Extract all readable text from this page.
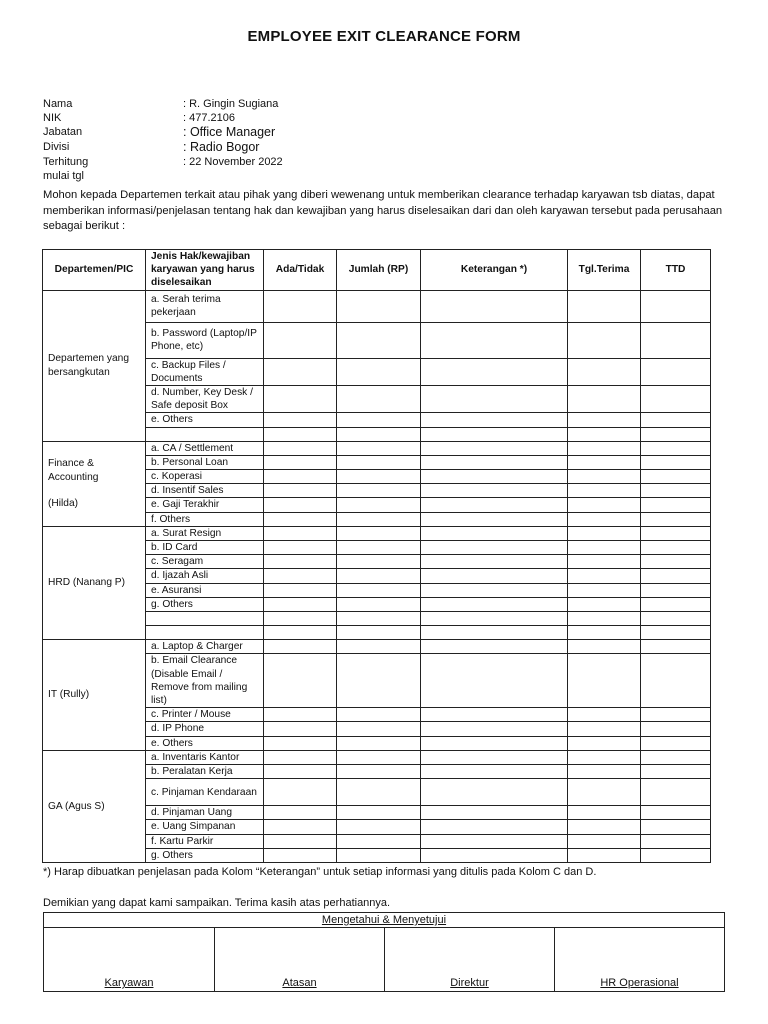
EMPLOYEE EXIT CLEARANCE FORM
Nama	: R. Gingin Sugiana
NIK	: 477.2106
Jabatan	: Office Manager
Divisi	: Radio Bogor
Terhitung mulai tgl
: 22 November 2022
Mohon kepada Departemen terkait atau pihak yang diberi wewenang untuk memberikan clearance terhadap karyawan tsb diatas, dapat memberikan informasi/penjelasan tentang hak dan kewajiban yang harus diselesaikan dari dan oleh karyawan tersebut pada perusahaan sebagai berikut :
Departemen/PIC	Jenis Hak/kewajiban karyawan yang harus diselesaikan	Ada/Tidak	Jumlah (RP)	Keterangan *)	Tgl.Terima	TTD

Departemen yang
bersangkutan	a. Serah terima pekerjaan					
	b. Password (Laptop/IP Phone, etc)					
	c. Backup Files / Documents					
	d. Number, Key Desk / Safe deposit Box					
	e. Others					

Finance &
Accounting
(Hilda)	a. CA / Settlement					
	b. Personal Loan					
	c. Koperasi					
	d. Insentif Sales					
	e. Gaji Terakhir					
	f. Others					

HRD (Nanang P)	a. Surat Resign					
	b. ID Card					
	c. Seragam					
	d. Ijazah Asli					
	e. Asuransi					
	g. Others					

IT (Rully)	a. Laptop & Charger					
	b. Email Clearance (Disable Email / Remove from mailing list)					
	c. Printer / Mouse					
	d. IP Phone					
	e. Others					

GA (Agus S)	a. Inventaris Kantor					
	b. Peralatan Kerja					
	c. Pinjaman Kendaraan					
	d. Pinjaman Uang					
	e. Uang Simpanan					
	f. Kartu Parkir					
	g. Others					
*) Harap dibuatkan penjelasan pada Kolom “Keterangan” untuk setiap informasi yang ditulis pada Kolom C dan D.
Demikian yang dapat kami sampaikan. Terima kasih atas perhatiannya.
Mengetahui & Menyetujui
Karyawan	Atasan	Direktur	HR Operasional
